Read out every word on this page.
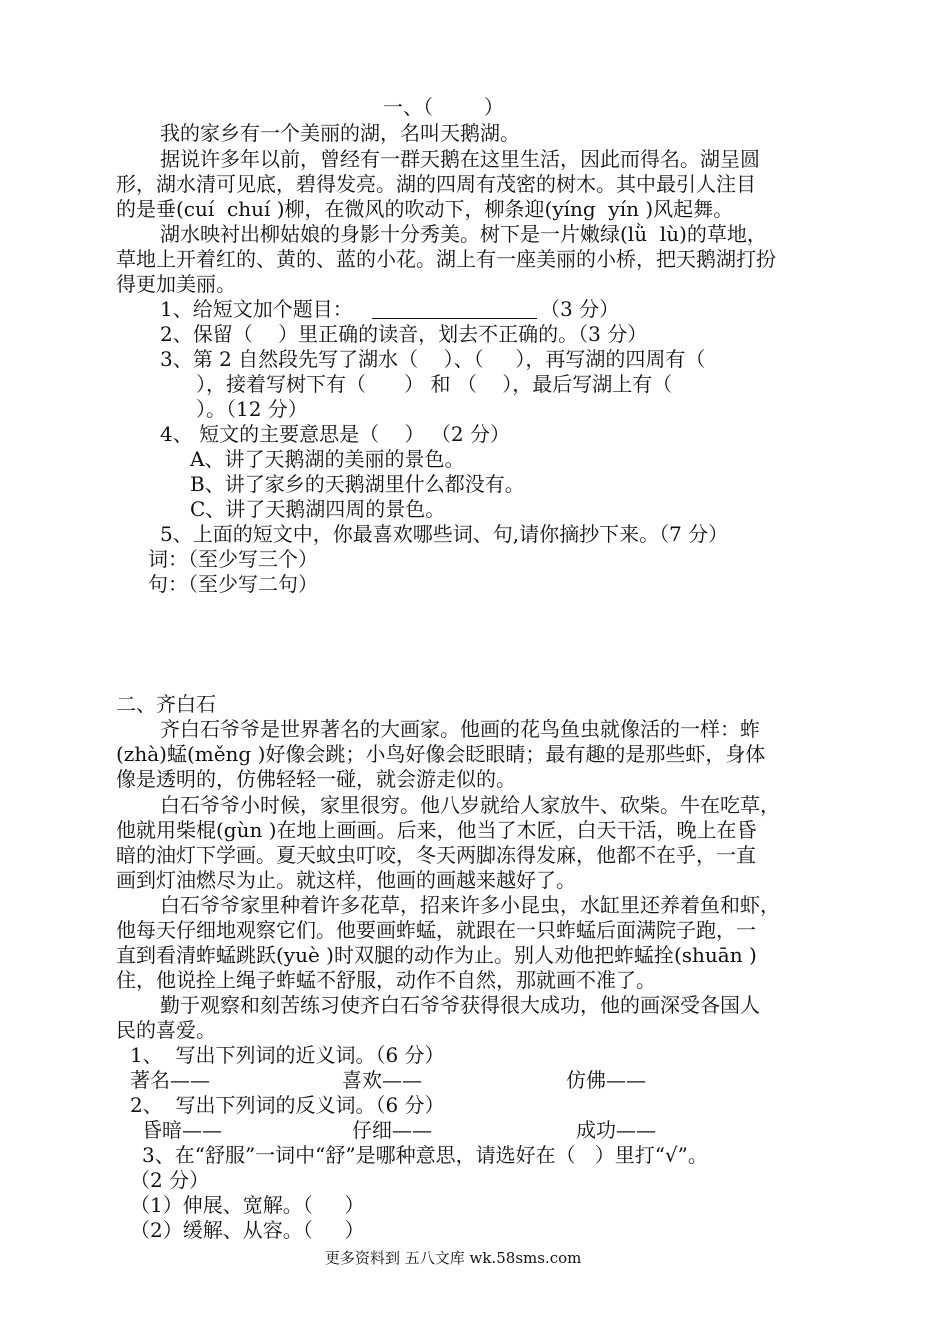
一、（        ）
我的家乡有一个美丽的湖，名叫天鹅湖。
据说许多年以前，曾经有一群天鹅在这里生活，因此而得名。湖呈圆
形，湖水清可见底，碧得发亮。湖的四周有茂密的树木。其中最引人注目
的是垂(cuí  chuí )柳，在微风的吹动下，柳条迎(yíng  yín )风起舞。
湖水映衬出柳姑娘的身影十分秀美。树下是一片嫩绿(lǜ  lù)的草地，
草地上开着红的、黄的、蓝的小花。湖上有一座美丽的小桥，把天鹅湖打扮
得更加美丽。
1、给短文加个题目：	（3 分）
2、保留（    ）里正确的读音，划去不正确的。（3 分）
3、第 2 自然段先写了湖水（    ）、（     ），再写湖的四周有（
），接着写树下有（      ） 和 （    ），最后写湖上有（
）。（12 分）
4、 短文的主要意思是（    ） （2 分）
A、讲了天鹅湖的美丽的景色。
B、讲了家乡的天鹅湖里什么都没有。
C、讲了天鹅湖四周的景色。
5、上面的短文中，你最喜欢哪些词、句,请你摘抄下来。（7 分）
词：（至少写三个）
句：（至少写二句）
二、齐白石
齐白石爷爷是世界著名的大画家。他画的花鸟鱼虫就像活的一样：蚱
(zhà)蜢(měng )好像会跳；小鸟好像会眨眼睛；最有趣的是那些虾，身体
像是透明的，仿佛轻轻一碰，就会游走似的。
白石爷爷小时候，家里很穷。他八岁就给人家放牛、砍柴。牛在吃草，
他就用柴棍(gùn )在地上画画。后来，他当了木匠，白天干活，晚上在昏
暗的油灯下学画。夏天蚊虫叮咬，冬天两脚冻得发麻，他都不在乎，一直
画到灯油燃尽为止。就这样，他画的画越来越好了。
白石爷爷家里种着许多花草，招来许多小昆虫，水缸里还养着鱼和虾，
他每天仔细地观察它们。他要画蚱蜢，就跟在一只蚱蜢后面满院子跑，一
直到看清蚱蜢跳跃(yuè )时双腿的动作为止。别人劝他把蚱蜢拴(shuān )
住，他说拴上绳子蚱蜢不舒服，动作不自然，那就画不准了。
勤于观察和刻苦练习使齐白石爷爷获得很大成功，他的画深受各国人
民的喜爱。
1、  写出下列词的近义词。（6 分）
著名——	喜欢——	仿佛——
2、  写出下列词的反义词。（6 分）
昏暗——	仔细——	成功——
3、在“舒服”一词中“舒”是哪种意思，请选好在（   ）里打“√”。
（2 分）
（1）伸展、宽解。（     ）
（2）缓解、从容。（     ）
更多资料到 五八文库 wk.58sms.com
